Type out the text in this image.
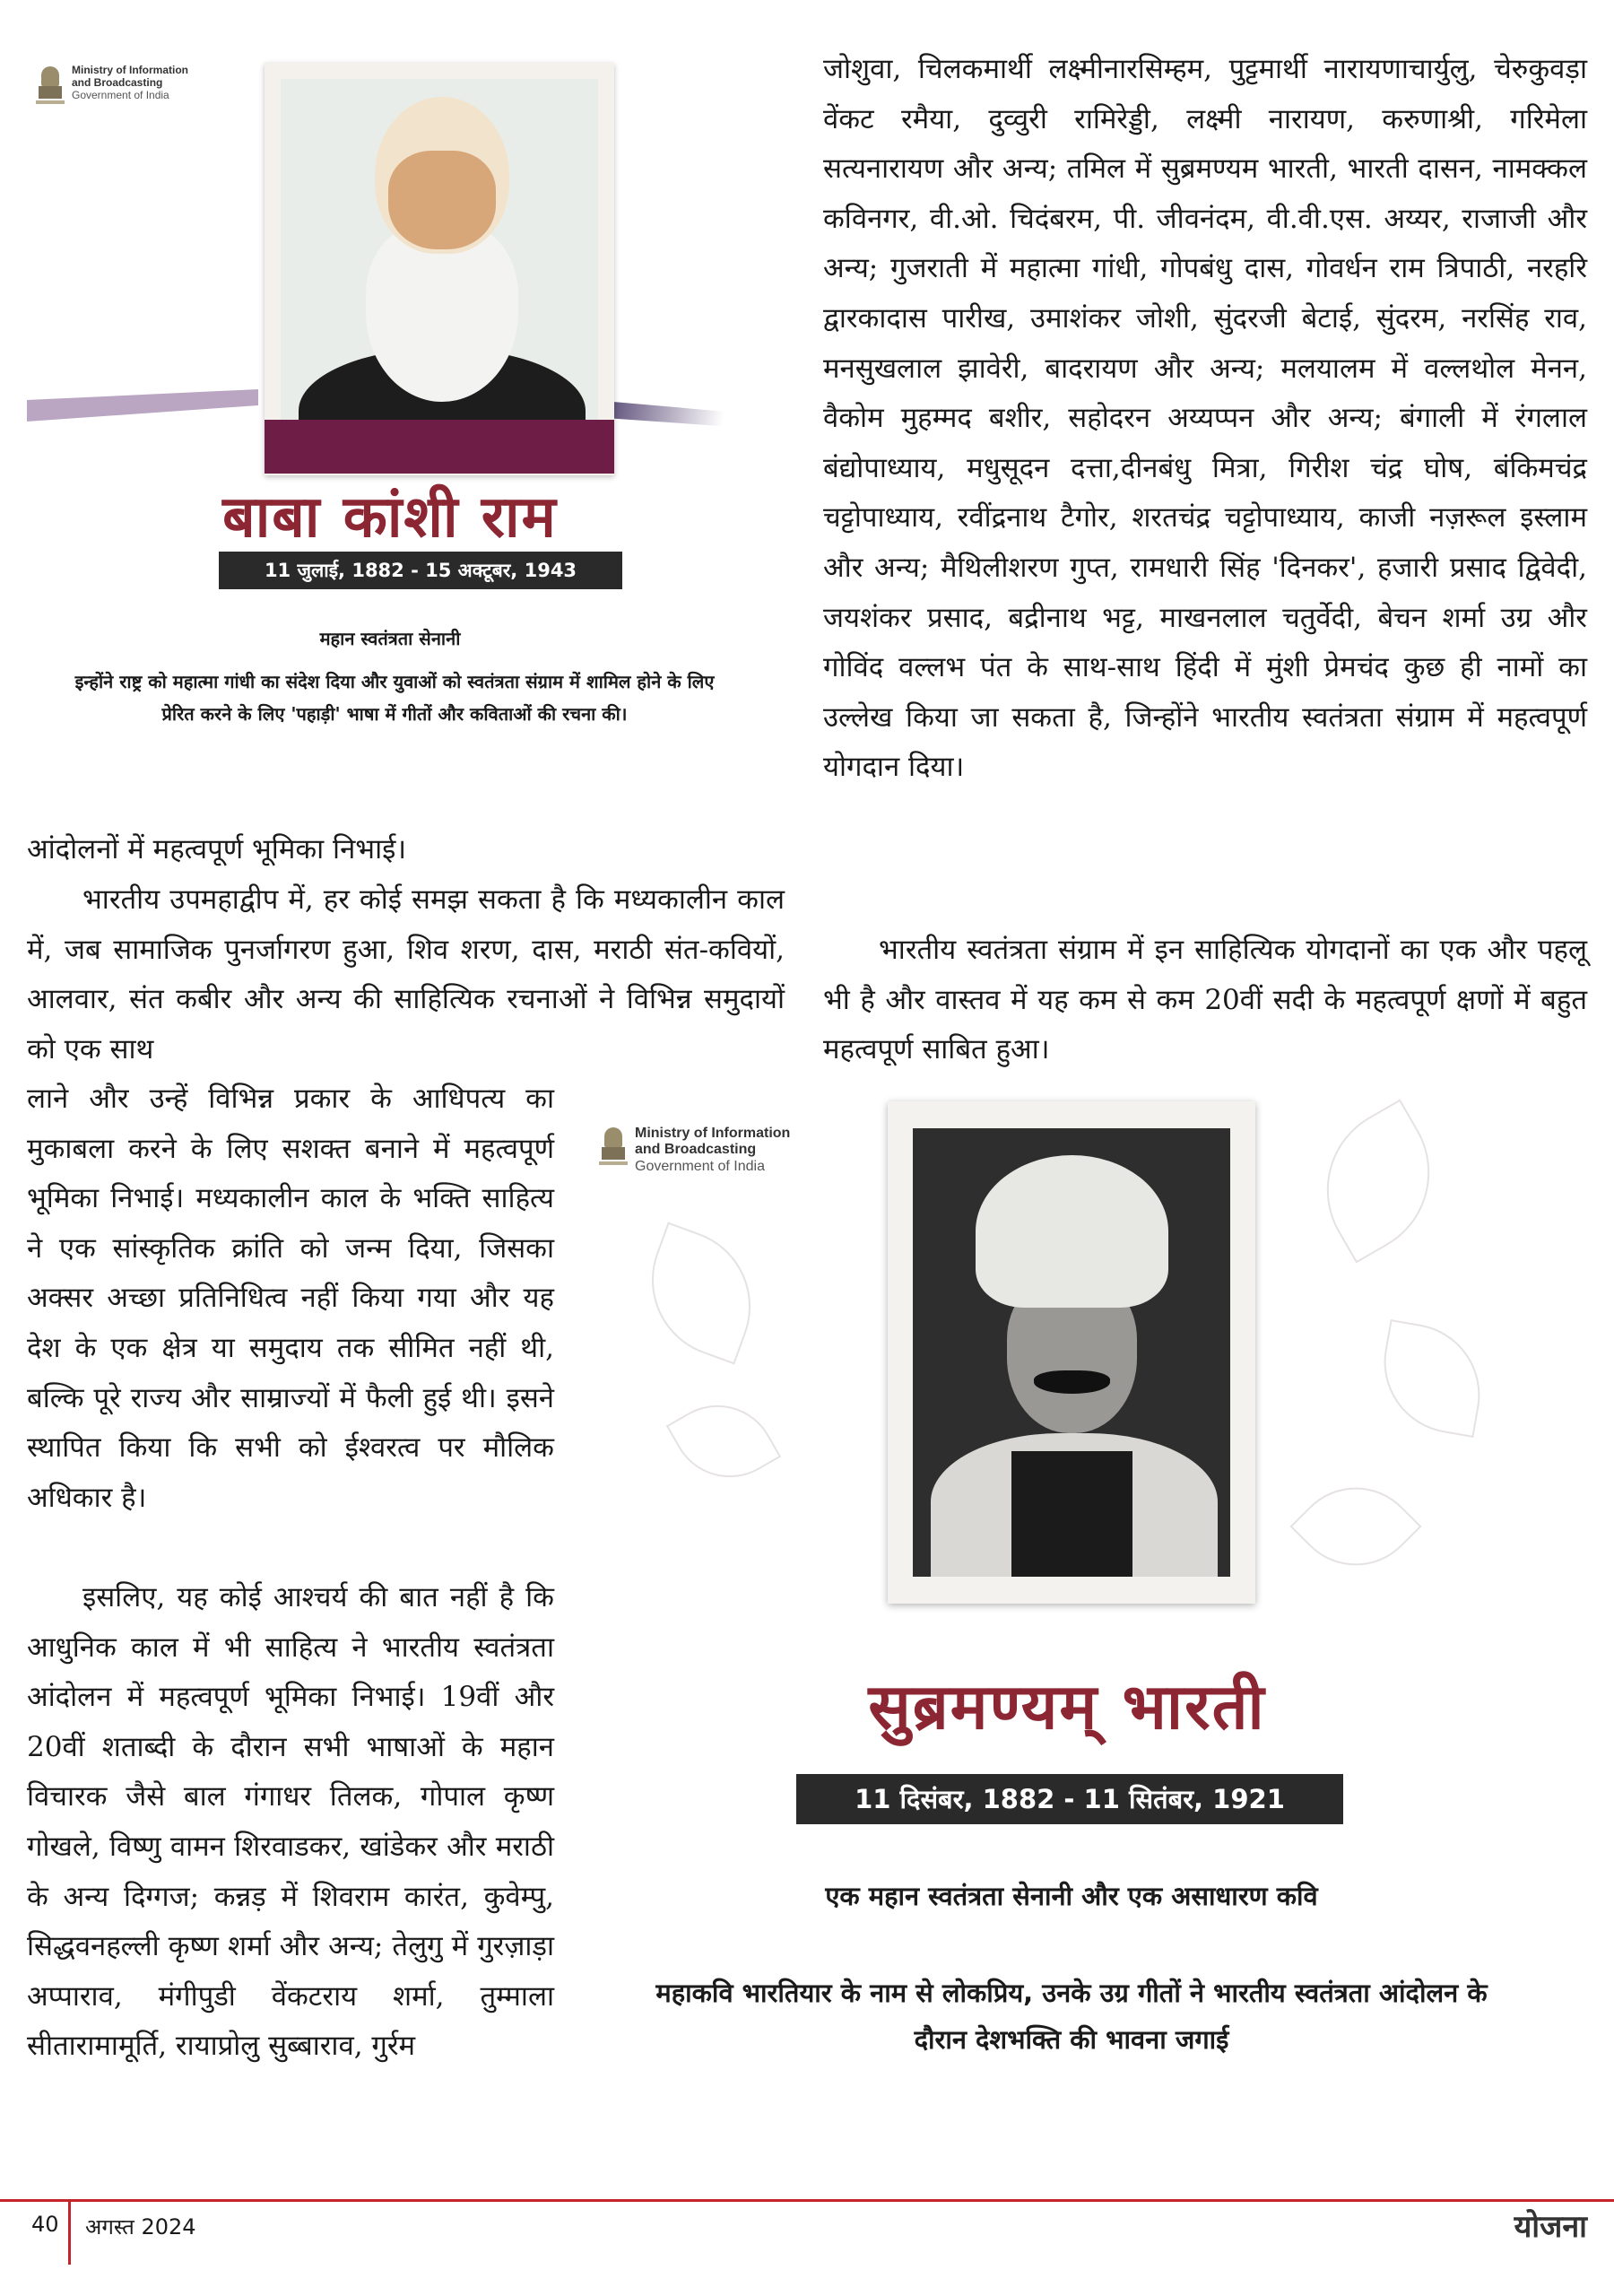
Ministry of Information
and Broadcasting
Government of India
बाबा कांशी राम
11 जुलाई, 1882 - 15 अक्टूबर, 1943
महान स्वतंत्रता सेनानी
इन्होंने राष्ट्र को महात्मा गांधी का संदेश दिया और युवाओं को स्वतंत्रता संग्राम में शामिल होने के लिए प्रेरित करने के लिए 'पहाड़ी' भाषा में गीतों और कविताओं की रचना की।

आंदोलनों में महत्वपूर्ण भूमिका निभाई।

भारतीय उपमहाद्वीप में, हर कोई समझ सकता है कि मध्यकालीन काल में, जब सामाजिक पुनर्जागरण हुआ, शिव शरण, दास, मराठी संत-कवियों, आलवार, संत कबीर और अन्य की साहित्यिक रचनाओं ने विभिन्न समुदायों को एक साथ

लाने और उन्हें विभिन्न प्रकार के आधिपत्य का मुकाबला करने के लिए सशक्त बनाने में महत्वपूर्ण भूमिका निभाई। मध्यकालीन काल के भक्ति साहित्य ने एक सांस्कृतिक क्रांति को जन्म दिया, जिसका अक्सर अच्छा प्रतिनिधित्व नहीं किया गया और यह देश के एक क्षेत्र या समुदाय तक सीमित नहीं थी, बल्कि पूरे राज्य और साम्राज्यों में फैली हुई थी। इसने स्थापित किया कि सभी को ईश्वरत्व पर मौलिक अधिकार है।

इसलिए, यह कोई आश्चर्य की बात नहीं है कि आधुनिक काल में भी साहित्य ने भारतीय स्वतंत्रता आंदोलन में महत्वपूर्ण भूमिका निभाई। 19वीं और 20वीं शताब्दी के दौरान सभी भाषाओं के महान विचारक जैसे बाल गंगाधर तिलक, गोपाल कृष्ण गोखले, विष्णु वामन शिरवाडकर, खांडेकर और मराठी के अन्य दिग्गज; कन्नड़ में शिवराम कारंत, कुवेम्पु, सिद्धवनहल्ली कृष्ण शर्मा और अन्य; तेलुगु में गुरज़ाड़ा अप्पाराव, मंगीपुडी वेंकटराय शर्मा, तुम्माला सीतारामामूर्ति, रायाप्रोलु सुब्बाराव, गुर्रम

जोशुवा, चिलकमार्थी लक्ष्मीनारसिम्हम, पुट्टमार्थी नारायणाचार्युलु, चेरुकुवड़ा वेंकट रमैया, दुव्वुरी रामिरेड्डी, लक्ष्मी नारायण, करुणाश्री, गरिमेला सत्यनारायण और अन्य; तमिल में सुब्रमण्यम भारती, भारती दासन, नामक्कल कविनगर, वी.ओ. चिदंबरम, पी. जीवनंदम, वी.वी.एस. अय्यर, राजाजी और अन्य; गुजराती में महात्मा गांधी, गोपबंधु दास, गोवर्धन राम त्रिपाठी, नरहरि द्वारकादास पारीख, उमाशंकर जोशी, सुंदरजी बेटाई, सुंदरम, नरसिंह राव, मनसुखलाल झावेरी, बादरायण और अन्य; मलयालम में वल्लथोल मेनन, वैकोम मुहम्मद बशीर, सहोदरन अय्यप्पन और अन्य; बंगाली में रंगलाल बंद्योपाध्याय, मधुसूदन दत्ता,दीनबंधु मित्रा, गिरीश चंद्र घोष, बंकिमचंद्र चट्टोपाध्याय, रवींद्रनाथ टैगोर, शरतचंद्र चट्टोपाध्याय, काजी नज़रूल इस्लाम और अन्य; मैथिलीशरण गुप्त, रामधारी सिंह 'दिनकर', हजारी प्रसाद द्विवेदी, जयशंकर प्रसाद, बद्रीनाथ भट्ट, माखनलाल चतुर्वेदी, बेचन शर्मा उग्र और गोविंद वल्लभ पंत के साथ-साथ हिंदी में मुंशी प्रेमचंद कुछ ही नामों का उल्लेख किया जा सकता है, जिन्होंने भारतीय स्वतंत्रता संग्राम में महत्वपूर्ण योगदान दिया।

भारतीय स्वतंत्रता संग्राम में इन साहित्यिक योगदानों का एक और पहलू भी है और वास्तव में यह कम से कम 20वीं सदी के महत्वपूर्ण क्षणों में बहुत महत्वपूर्ण साबित हुआ।

Ministry of Information
and Broadcasting
Government of India
सुब्रमण्यम् भारती
11 दिसंबर, 1882 - 11 सितंबर, 1921
एक महान स्वतंत्रता सेनानी और एक असाधारण कवि
महाकवि भारतियार के नाम से लोकप्रिय, उनके उग्र गीतों ने भारतीय स्वतंत्रता आंदोलन के दौरान देशभक्ति की भावना जगाई
40 अगस्त 2024	योजना
